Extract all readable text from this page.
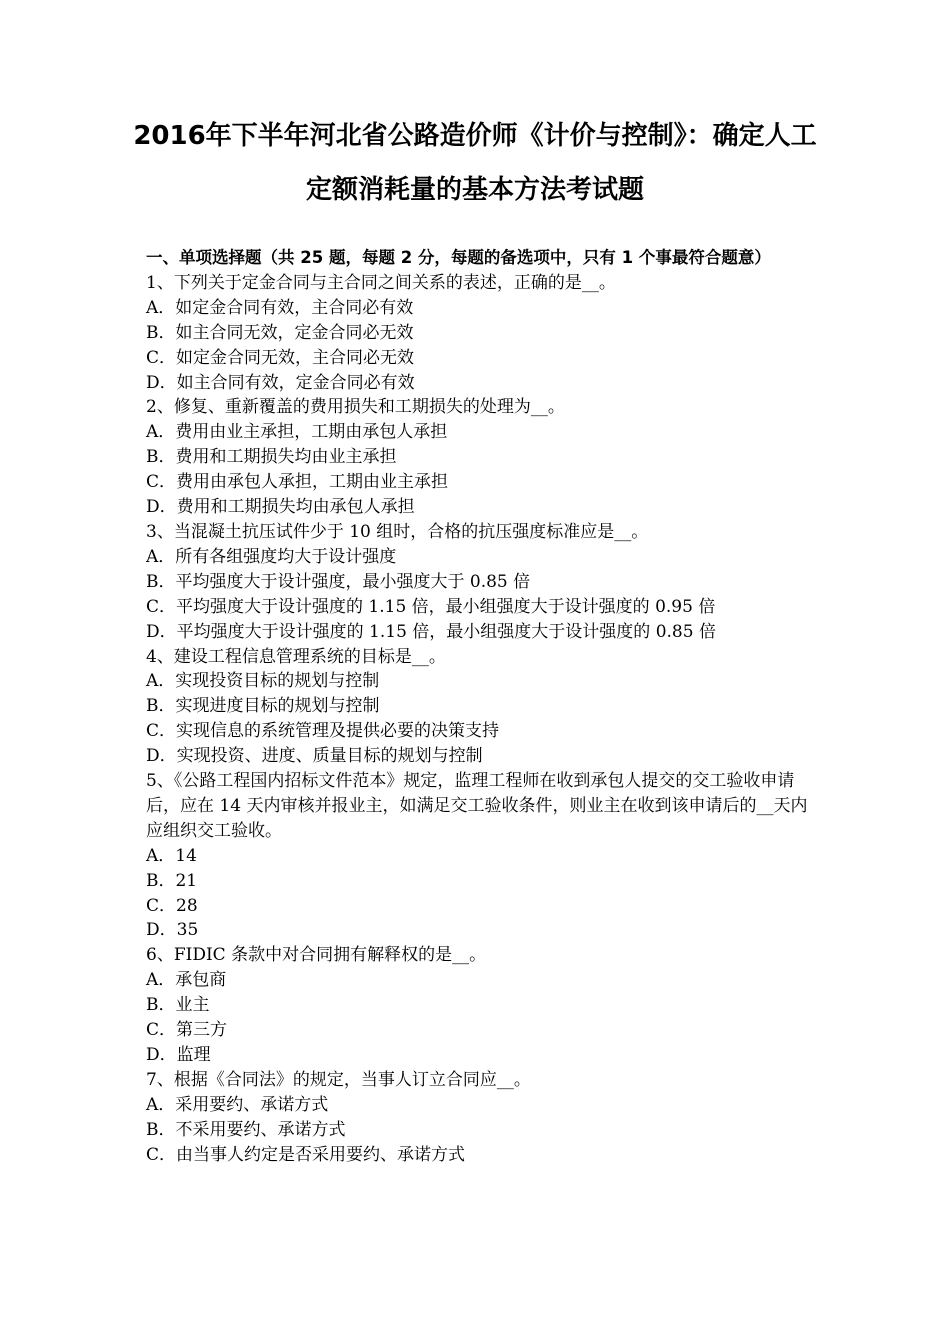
2016年下半年河北省公路造价师《计价与控制》：确定人工
定额消耗量的基本方法考试题

一、单项选择题（共 25 题，每题 2 分，每题的备选项中，只有 1 个事最符合题意）

1、下列关于定金合同与主合同之间关系的表述，正确的是__。

A．如定金合同有效，主合同必有效

B．如主合同无效，定金合同必无效

C．如定金合同无效，主合同必无效

D．如主合同有效，定金合同必有效

2、修复、重新覆盖的费用损失和工期损失的处理为__。

A．费用由业主承担，工期由承包人承担

B．费用和工期损失均由业主承担

C．费用由承包人承担，工期由业主承担

D．费用和工期损失均由承包人承担

3、当混凝土抗压试件少于 10 组时，合格的抗压强度标准应是__。

A．所有各组强度均大于设计强度

B．平均强度大于设计强度，最小强度大于 0.85 倍

C．平均强度大于设计强度的 1.15 倍，最小组强度大于设计强度的 0.95 倍

D．平均强度大于设计强度的 1.15 倍，最小组强度大于设计强度的 0.85 倍

4、建设工程信息管理系统的目标是__。

A．实现投资目标的规划与控制

B．实现进度目标的规划与控制

C．实现信息的系统管理及提供必要的决策支持

D．实现投资、进度、质量目标的规划与控制

5、《公路工程国内招标文件范本》规定，监理工程师在收到承包人提交的交工验收申请后，应在 14 天内审核并报业主，如满足交工验收条件，则业主在收到该申请后的__天内应组织交工验收。

A．14

B．21

C．28

D．35

6、FIDIC 条款中对合同拥有解释权的是__。

A．承包商

B．业主

C．第三方

D．监理

7、根据《合同法》的规定，当事人订立合同应__。

A．采用要约、承诺方式

B．不采用要约、承诺方式

C．由当事人约定是否采用要约、承诺方式
